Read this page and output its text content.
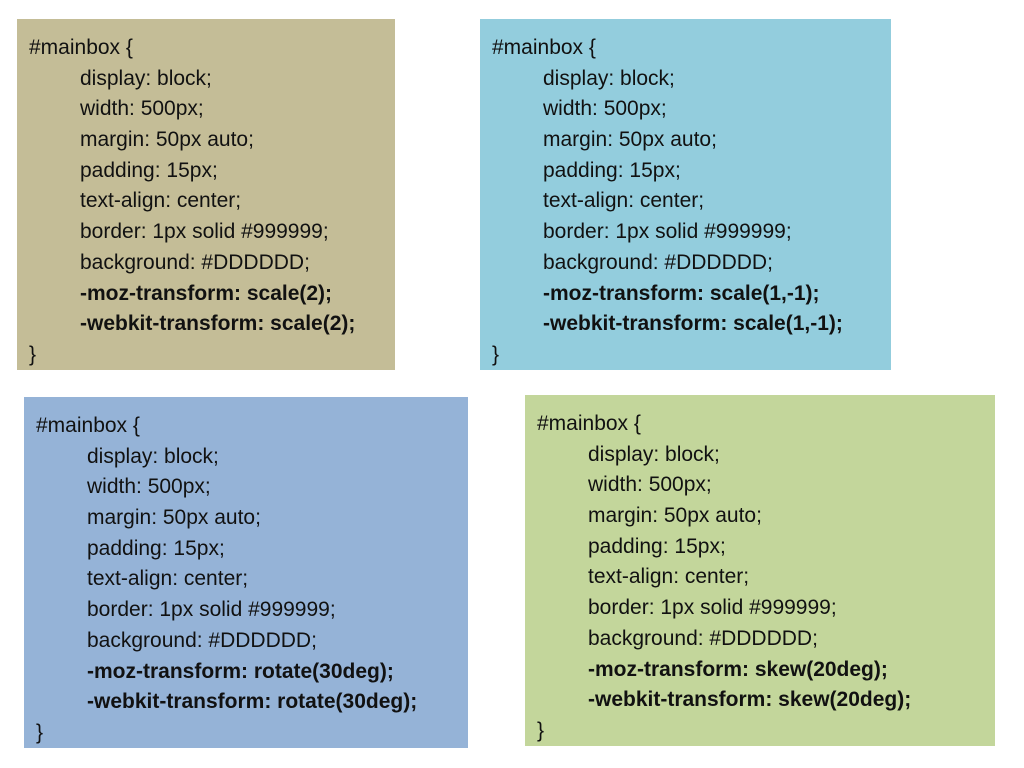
#mainbox {
display: block;
width: 500px;
margin: 50px auto;
padding: 15px;
text-align: center;
border: 1px solid #999999;
background: #DDDDDD;
-moz-transform: scale(2);
-webkit-transform: scale(2);
}
#mainbox {
display: block;
width: 500px;
margin: 50px auto;
padding: 15px;
text-align: center;
border: 1px solid #999999;
background: #DDDDDD;
-moz-transform: scale(1,-1);
-webkit-transform: scale(1,-1);
}
#mainbox {
display: block;
width: 500px;
margin: 50px auto;
padding: 15px;
text-align: center;
border: 1px solid #999999;
background: #DDDDDD;
-moz-transform: rotate(30deg);
-webkit-transform: rotate(30deg);
}
#mainbox {
display: block;
width: 500px;
margin: 50px auto;
padding: 15px;
text-align: center;
border: 1px solid #999999;
background: #DDDDDD;
-moz-transform: skew(20deg);
-webkit-transform: skew(20deg);
}
